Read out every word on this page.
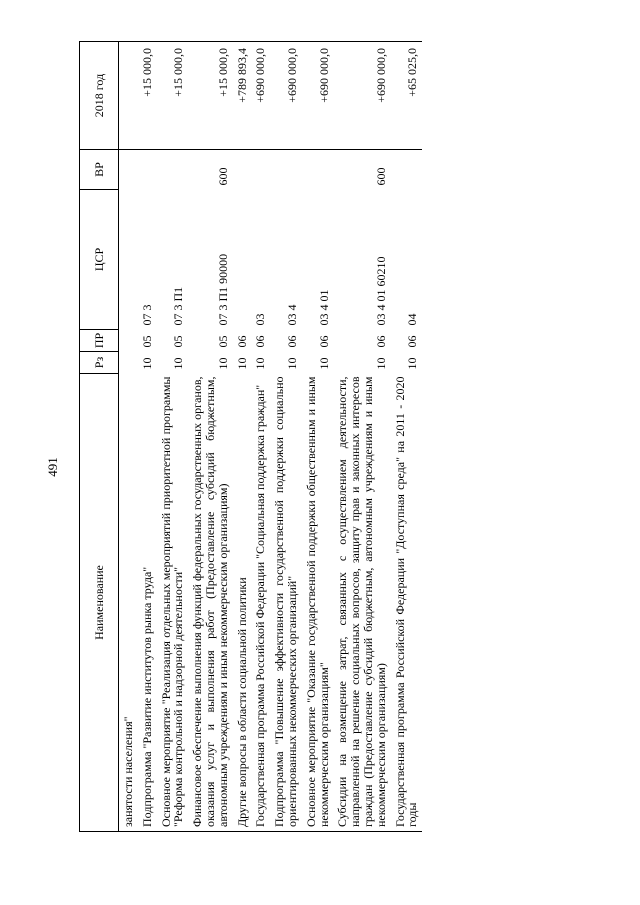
491
Наименование	Рз	ПР	ЦСР	ВР	2018 год
занятости населения"					
Подпрограмма "Развитие институтов рынка труда"	10	05	07 3		+15 000,0
Основное мероприятие "Реализация отдельных мероприятий приоритетной программы "Реформа контрольной и надзорной деятельности"	10	05	07 3 П1		+15 000,0
Финансовое обеспечение выполнения функций федеральных государственных органов, оказания услуг и выполнения работ (Предоставление субсидий бюджетным, автономным учреждениям и иным некоммерческим организациям)	10	05	07 3 П1 90000	600	+15 000,0
Другие вопросы в области социальной политики	10	06			+789 893,4
Государственная программа Российской Федерации "Социальная поддержка граждан"	10	06	03		+690 000,0
Подпрограмма "Повышение эффективности государственной поддержки социально ориентированных некоммерческих организаций"	10	06	03 4		+690 000,0
Основное мероприятие "Оказание государственной поддержки общественным и иным некоммерческим организациям"	10	06	03 4 01		+690 000,0
Субсидии на возмещение затрат, связанных с осуществлением деятельности, направленной на решение социальных вопросов, защиту прав и законных интересов граждан (Предоставление субсидий бюджетным, автономным учреждениям и иным некоммерческим организациям)	10	06	03 4 01 60210	600	+690 000,0
Государственная программа Российской Федерации "Доступная среда" на 2011 - 2020 годы	10	06	04		+65 025,0
